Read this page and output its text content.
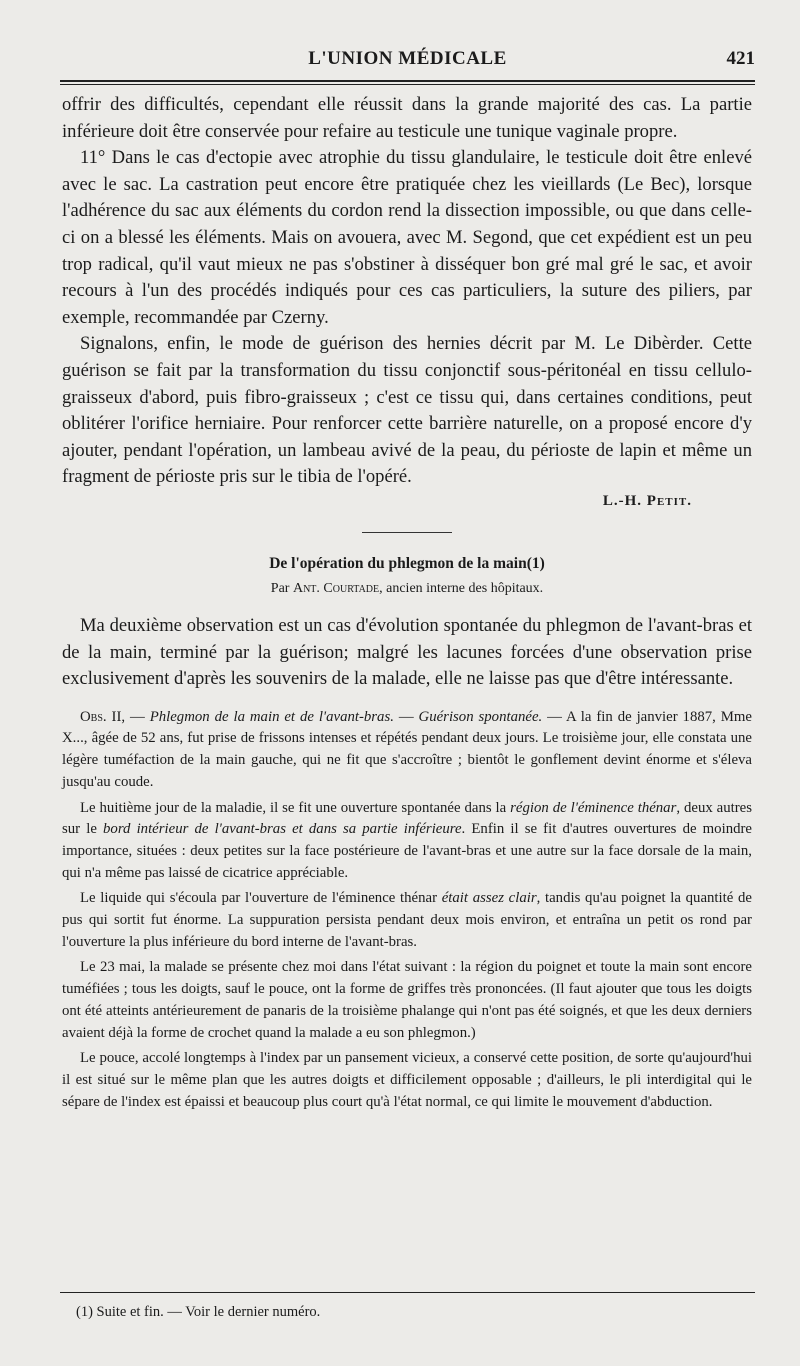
L'UNION MÉDICALE	421

offrir des difficultés, cependant elle réussit dans la grande majorité des cas. La partie inférieure doit être conservée pour refaire au testicule une tunique vaginale propre.

11° Dans le cas d'ectopie avec atrophie du tissu glandulaire, le testicule doit être enlevé avec le sac. La castration peut encore être pratiquée chez les vieillards (Le Bec), lorsque l'adhérence du sac aux éléments du cordon rend la dissection impossible, ou que dans celle-ci on a blessé les éléments. Mais on avouera, avec M. Segond, que cet expédient est un peu trop radical, qu'il vaut mieux ne pas s'obstiner à disséquer bon gré mal gré le sac, et avoir recours à l'un des procédés indiqués pour ces cas particuliers, la suture des piliers, par exemple, recommandée par Czerny.

Signalons, enfin, le mode de guérison des hernies décrit par M. Le Dibèrder. Cette guérison se fait par la transformation du tissu conjonctif sous-péritonéal en tissu cellulo-graisseux d'abord, puis fibro-graisseux ; c'est ce tissu qui, dans certaines conditions, peut oblitérer l'orifice herniaire. Pour renforcer cette barrière naturelle, on a proposé encore d'y ajouter, pendant l'opération, un lambeau avivé de la peau, du périoste de lapin et même un fragment de périoste pris sur le tibia de l'opéré.

L.-H. Petit.
De l'opération du phlegmon de la main(1)
Par Ant. Courtade, ancien interne des hôpitaux.

Ma deuxième observation est un cas d'évolution spontanée du phlegmon de l'avant-bras et de la main, terminé par la guérison; malgré les lacunes forcées d'une observation prise exclusivement d'après les souvenirs de la malade, elle ne laisse pas que d'être intéressante.

Obs. II, — Phlegmon de la main et de l'avant-bras. — Guérison spontanée. — A la fin de janvier 1887, Mme X..., âgée de 52 ans, fut prise de frissons intenses et répétés pendant deux jours. Le troisième jour, elle constata une légère tuméfaction de la main gauche, qui ne fit que s'accroître ; bientôt le gonflement devint énorme et s'éleva jusqu'au coude.

Le huitième jour de la maladie, il se fit une ouverture spontanée dans la région de l'éminence thénar, deux autres sur le bord intérieur de l'avant-bras et dans sa partie inférieure. Enfin il se fit d'autres ouvertures de moindre importance, situées : deux petites sur la face postérieure de l'avant-bras et une autre sur la face dorsale de la main, qui n'a même pas laissé de cicatrice appréciable.

Le liquide qui s'écoula par l'ouverture de l'éminence thénar était assez clair, tandis qu'au poignet la quantité de pus qui sortit fut énorme. La suppuration persista pendant deux mois environ, et entraîna un petit os rond par l'ouverture la plus inférieure du bord interne de l'avant-bras.

Le 23 mai, la malade se présente chez moi dans l'état suivant : la région du poignet et toute la main sont encore tuméfiées ; tous les doigts, sauf le pouce, ont la forme de griffes très prononcées. (Il faut ajouter que tous les doigts ont été atteints antérieurement de panaris de la troisième phalange qui n'ont pas été soignés, et que les deux derniers avaient déjà la forme de crochet quand la malade a eu son phlegmon.)

Le pouce, accolé longtemps à l'index par un pansement vicieux, a conservé cette position, de sorte qu'aujourd'hui il est situé sur le même plan que les autres doigts et difficilement opposable ; d'ailleurs, le pli interdigital qui le sépare de l'index est épaissi et beaucoup plus court qu'à l'état normal, ce qui limite le mouvement d'abduction.

(1) Suite et fin. — Voir le dernier numéro.
